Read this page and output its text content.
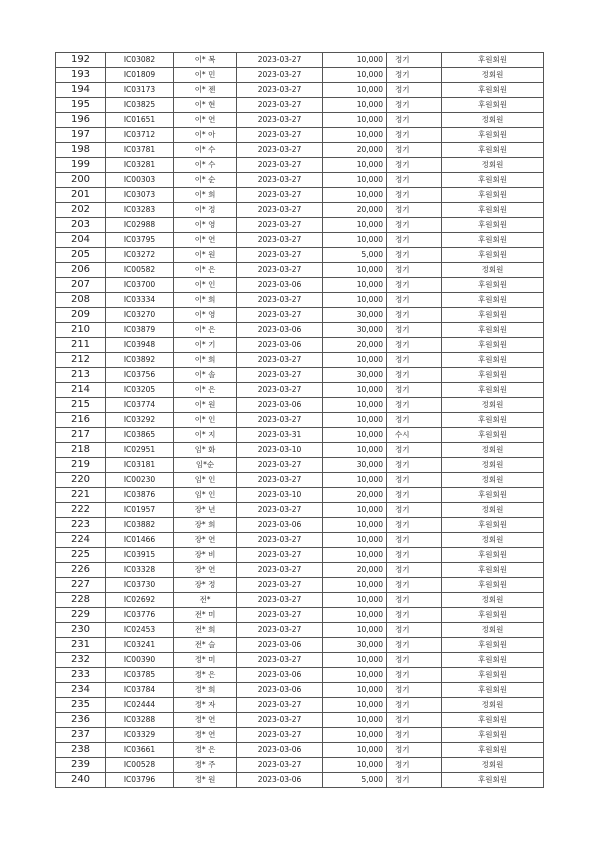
192	IC03082	이* 복	2023-03-27	10,000	정기	후원회원
193	IC01809	이* 민	2023-03-27	10,000	정기	정회원
194	IC03173	이* 젠	2023-03-27	10,000	정기	후원회원
195	IC03825	이* 현	2023-03-27	10,000	정기	후원회원
196	IC01651	이* 연	2023-03-27	10,000	정기	정회원
197	IC03712	이* 아	2023-03-27	10,000	정기	후원회원
198	IC03781	이* 수	2023-03-27	20,000	정기	후원회원
199	IC03281	이* 수	2023-03-27	10,000	정기	정회원
200	IC00303	이* 순	2023-03-27	10,000	정기	후원회원
201	IC03073	이* 희	2023-03-27	10,000	정기	후원회원
202	IC03283	이* 정	2023-03-27	20,000	정기	후원회원
203	IC02988	이* 영	2023-03-27	10,000	정기	후원회원
204	IC03795	이* 연	2023-03-27	10,000	정기	후원회원
205	IC03272	이* 원	2023-03-27	5,000	정기	후원회원
206	IC00582	이* 은	2023-03-27	10,000	정기	정회원
207	IC03700	이* 인	2023-03-06	10,000	정기	후원회원
208	IC03334	이* 희	2023-03-27	10,000	정기	후원회원
209	IC03270	이* 영	2023-03-27	30,000	정기	후원회원
210	IC03879	이* 은	2023-03-06	30,000	정기	후원회원
211	IC03948	이* 기	2023-03-06	20,000	정기	후원회원
212	IC03892	이* 희	2023-03-27	10,000	정기	후원회원
213	IC03756	이* 솔	2023-03-27	30,000	정기	후원회원
214	IC03205	이* 은	2023-03-27	10,000	정기	후원회원
215	IC03774	이* 원	2023-03-06	10,000	정기	정회원
216	IC03292	이* 인	2023-03-27	10,000	정기	후원회원
217	IC03865	이* 지	2023-03-31	10,000	수시	후원회원
218	IC02951	임* 화	2023-03-10	10,000	정기	정회원
219	IC03181	임*순	2023-03-27	30,000	정기	정회원
220	IC00230	임* 인	2023-03-27	10,000	정기	정회원
221	IC03876	임* 인	2023-03-10	20,000	정기	후원회원
222	IC01957	장* 년	2023-03-27	10,000	정기	정회원
223	IC03882	장* 희	2023-03-06	10,000	정기	후원회원
224	IC01466	장* 연	2023-03-27	10,000	정기	정회원
225	IC03915	장* 비	2023-03-27	10,000	정기	후원회원
226	IC03328	장* 연	2023-03-27	20,000	정기	후원회원
227	IC03730	장* 정	2023-03-27	10,000	정기	후원회원
228	IC02692	전*	2023-03-27	10,000	정기	정회원
229	IC03776	전* 미	2023-03-27	10,000	정기	후원회원
230	IC02453	전* 희	2023-03-27	10,000	정기	정회원
231	IC03241	전* 슬	2023-03-06	30,000	정기	후원회원
232	IC00390	정* 미	2023-03-27	10,000	정기	후원회원
233	IC03785	정* 은	2023-03-06	10,000	정기	후원회원
234	IC03784	정* 희	2023-03-06	10,000	정기	후원회원
235	IC02444	정* 자	2023-03-27	10,000	정기	정회원
236	IC03288	정* 연	2023-03-27	10,000	정기	후원회원
237	IC03329	정* 연	2023-03-27	10,000	정기	후원회원
238	IC03661	정* 은	2023-03-06	10,000	정기	후원회원
239	IC00528	정* 주	2023-03-27	10,000	정기	정회원
240	IC03796	정* 원	2023-03-06	5,000	정기	후원회원
